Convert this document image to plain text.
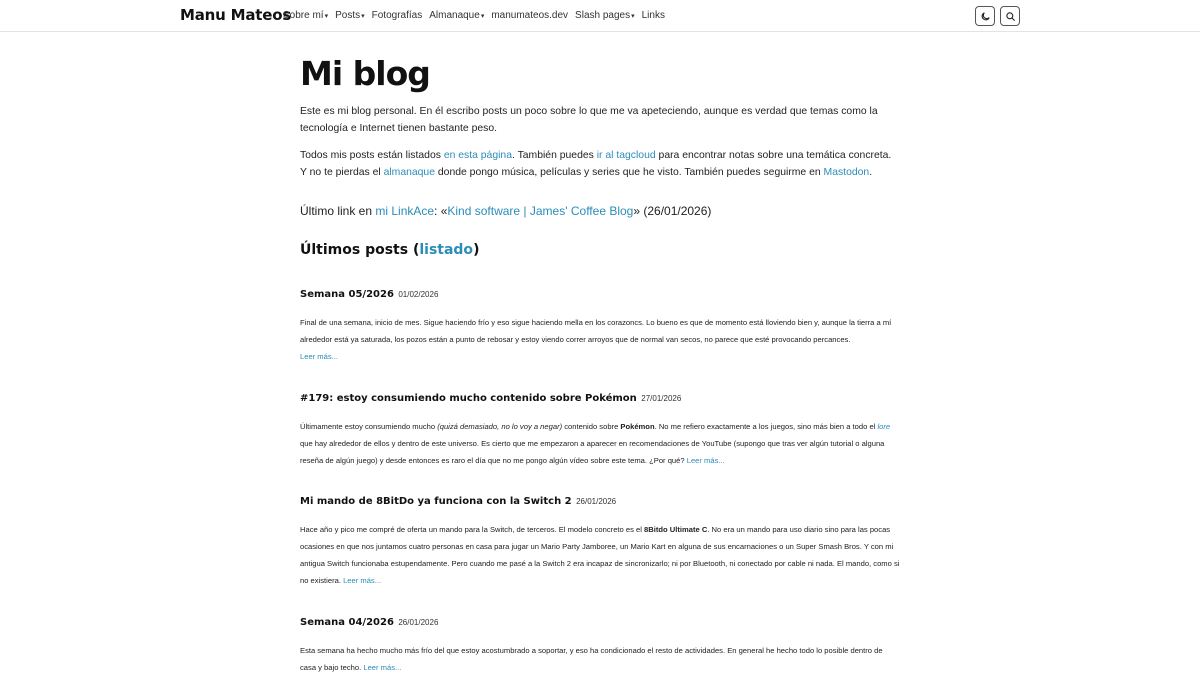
Manu Mateos
Sobre mí ▾ Posts ▾ Fotografías Almanaque ▾ manumateos.dev Slash pages ▾ Links
Mi blog

Este es mi blog personal. En él escribo posts un poco sobre lo que me va apeteciendo, aunque es verdad que temas como la tecnología e Internet tienen bastante peso.

Todos mis posts están listados en esta página. También puedes ir al tagcloud para encontrar notas sobre una temática concreta. Y no te pierdas el almanaque donde pongo música, películas y series que he visto. También puedes seguirme en Mastodon.

Último link en mi LinkAce: «Kind software | James' Coffee Blog» (26/01/2026)

Últimos posts (listado)
Semana 05/2026 01/02/2026

Final de una semana, inicio de mes. Sigue haciendo frío y eso sigue haciendo mella en los corazoncs. Lo bueno es que de momento está lloviendo bien y, aunque la tierra a mí alrededor está ya saturada, los pozos están a punto de rebosar y estoy viendo correr arroyos que de normal van secos, no parece que esté provocando percances.
Leer más...

#179: estoy consumiendo mucho contenido sobre Pokémon 27/01/2026

Últimamente estoy consumiendo mucho (quizá demasiado, no lo voy a negar) contenido sobre Pokémon. No me refiero exactamente a los juegos, sino más bien a todo el lore que hay alrededor de ellos y dentro de este universo. Es cierto que me empezaron a aparecer en recomendaciones de YouTube (supongo que tras ver algún tutorial o alguna reseña de algún juego) y desde entonces es raro el día que no me pongo algún vídeo sobre este tema. ¿Por qué? Leer más...

Mi mando de 8BitDo ya funciona con la Switch 2 26/01/2026

Hace año y pico me compré de oferta un mando para la Switch, de terceros. El modelo concreto es el 8Bitdo Ultimate C. No era un mando para uso diario sino para las pocas ocasiones en que nos juntamos cuatro personas en casa para jugar un Mario Party Jamboree, un Mario Kart en alguna de sus encarnaciones o un Super Smash Bros. Y con mi antigua Switch funcionaba estupendamente. Pero cuando me pasé a la Switch 2 era incapaz de sincronizarlo; ni por Bluetooth, ni conectado por cable ni nada. El mando, como si no existiera. Leer más...

Semana 04/2026 26/01/2026

Esta semana ha hecho mucho más frío del que estoy acostumbrado a soportar, y eso ha condicionado el resto de actividades. En general he hecho todo lo posible dentro de casa y bajo techo. Leer más...
